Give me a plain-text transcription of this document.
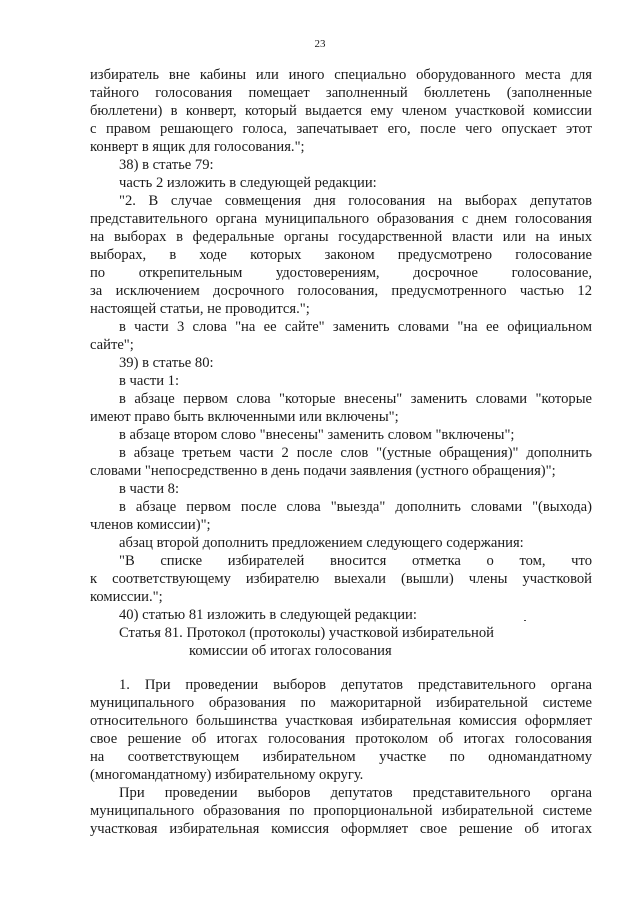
23
избиратель вне кабины или иного специально оборудованного места для
тайного голосования помещает заполненный бюллетень (заполненные
бюллетени) в конверт, который выдается ему членом участковой комиссии
с правом решающего голоса, запечатывает его, после чего опускает этот
конверт в ящик для голосования.";
38) в статье 79:
часть 2 изложить в следующей редакции:
"2. В случае совмещения дня голосования на выборах депутатов
представительного органа муниципального образования с днем голосования
на выборах в федеральные органы государственной власти или на иных
выборах, в ходе которых законом предусмотрено голосование
по открепительным удостоверениям, досрочное голосование,
за исключением досрочного голосования, предусмотренного частью 12
настоящей статьи, не проводится.";
в части 3 слова "на ее сайте" заменить словами "на ее официальном
сайте";
39) в статье 80:
в части 1:
в абзаце первом слова "которые внесены" заменить словами "которые
имеют право быть включенными или включены";
в абзаце втором слово "внесены" заменить словом "включены";
в абзаце третьем части 2 после слов "(устные обращения)" дополнить
словами "непосредственно в день подачи заявления (устного обращения)";
в части 8:
в абзаце первом после слова "выезда" дополнить словами "(выхода)
членов комиссии)";
абзац второй дополнить предложением следующего содержания:
"В списке избирателей вносится отметка о том, что
к соответствующему избирателю выехали (вышли) члены участковой
комиссии.";
40) статью 81 изложить в следующей редакции:
Статья 81. Протокол (протоколы) участковой избирательной
комиссии об итогах голосования
1. При проведении выборов депутатов представительного органа
муниципального образования по мажоритарной избирательной системе
относительного большинства участковая избирательная комиссия оформляет
свое решение об итогах голосования протоколом об итогах голосования
на соответствующем избирательном участке по одномандатному
(многомандатному) избирательному округу.
При проведении выборов депутатов представительного органа
муниципального образования по пропорциональной избирательной системе
участковая избирательная комиссия оформляет свое решение об итогах
